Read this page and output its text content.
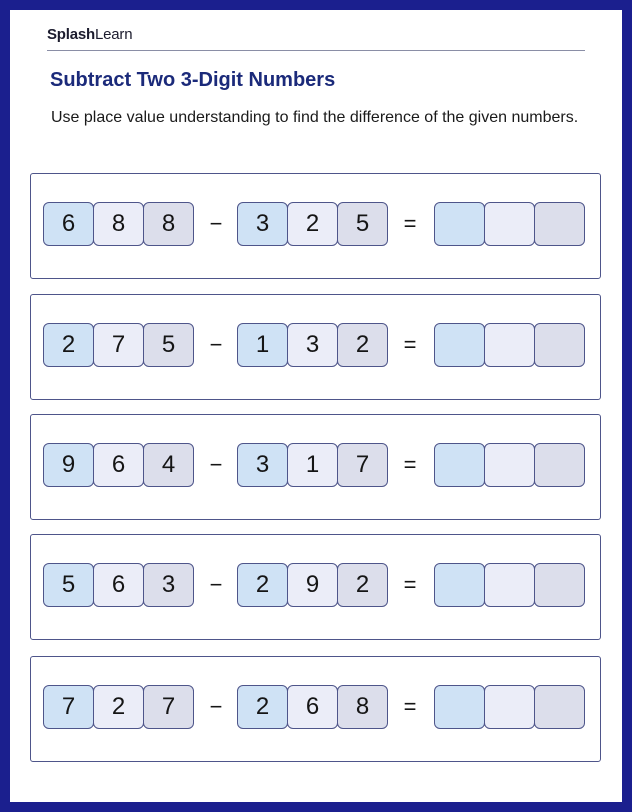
SplashLearn
Subtract Two 3-Digit Numbers
Use place value understanding to find the difference of the given numbers.
6	8	8	−	3	2	5	=
2	7	5	−	1	3	2	=
9	6	4	−	3	1	7	=
5	6	3	−	2	9	2	=
7	2	7	−	2	6	8	=
